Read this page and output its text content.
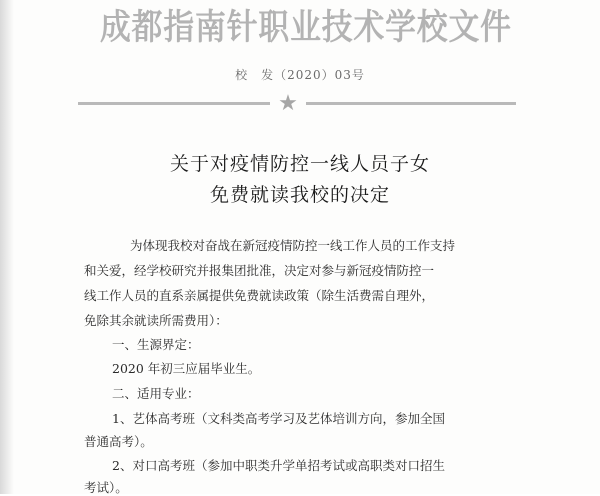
成都指南针职业技术学校文件
校　发（2020）03号
★
关于对疫情防控一线人员子女
免费就读我校的决定
为体现我校对奋战在新冠疫情防控一线工作人员的工作支持
和关爱，经学校研究并报集团批准，决定对参与新冠疫情防控一
线工作人员的直系亲属提供免费就读政策（除生活费需自理外，
免除其余就读所需费用）：
一、生源界定：
2020 年初三应届毕业生。
二、适用专业：
1、艺体高考班（文科类高考学习及艺体培训方向，参加全国
普通高考）。
2、对口高考班（参加中职类升学单招考试或高职类对口招生
考试）。
